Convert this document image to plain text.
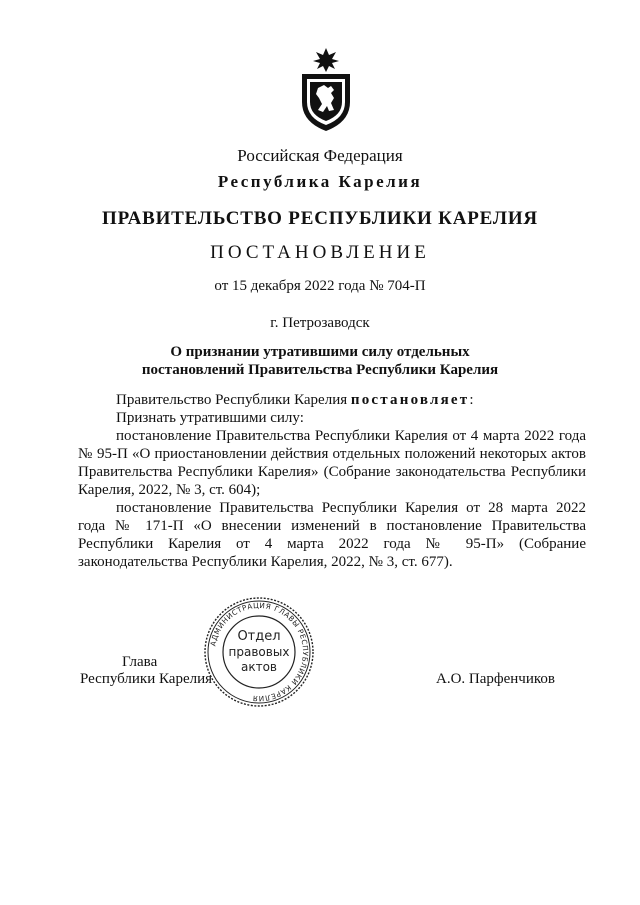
Российская Федерация
Республика Карелия
ПРАВИТЕЛЬСТВО РЕСПУБЛИКИ КАРЕЛИЯ
ПОСТАНОВЛЕНИЕ
от 15 декабря 2022 года № 704-П
г. Петрозаводск
О признании утратившими силу отдельных
постановлений Правительства Республики Карелия

Правительство Республики Карелия постановляет:

Признать утратившими силу:

постановление Правительства Республики Карелия от 4 марта 2022 года № 95-П «О приостановлении действия отдельных положений некоторых актов Правительства Республики Карелия» (Собрание законодательства Республики Карелия, 2022, № 3, ст. 604);

постановление Правительства Республики Карелия от 28 марта 2022 года № 171-П «О внесении изменений в постановление Правительства Республики Карелия от 4 марта 2022 года № 95-П» (Собрание законодательства Республики Карелия, 2022, № 3, ст. 677).

Глава
Республики Карелия	А.О. Парфенчиков
АДМИНИСТРАЦИЯ ГЛАВЫ РЕСПУБЛИКИ КАРЕЛИЯ
Отдел
правовых
актов
